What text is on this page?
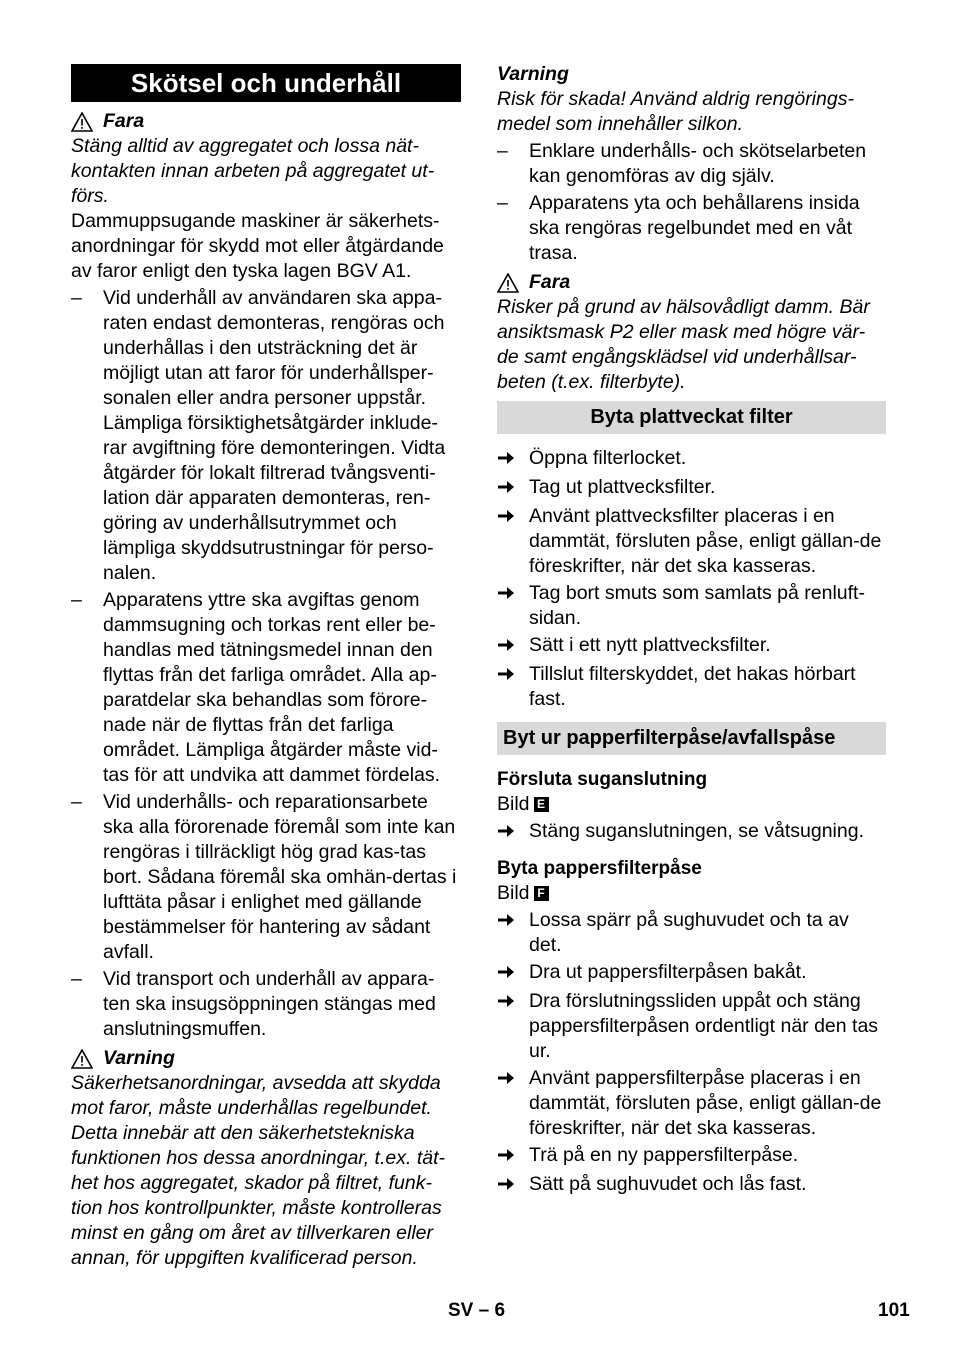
Skötsel och underhåll
Fara

Stäng alltid av aggregatet och lossa nät-kontakten innan arbeten på aggregatet ut-förs.

Dammuppsugande maskiner är säkerhets-anordningar för skydd mot eller åtgärdande av faror enligt den tyska lagen BGV A1.

–	Vid underhåll av användaren ska appa-raten endast demonteras, rengöras och underhållas i den utsträckning det är möjligt utan att faror för underhållsper-sonalen eller andra personer uppstår. Lämpliga försiktighetsåtgärder inklude-rar avgiftning före demonteringen. Vidta åtgärder för lokalt filtrerad tvångsventi-lation där apparaten demonteras, ren-göring av underhållsutrymmet och lämpliga skyddsutrustningar för perso-nalen.
–	Apparatens yttre ska avgiftas genom dammsugning och torkas rent eller be-handlas med tätningsmedel innan den flyttas från det farliga området. Alla ap-paratdelar ska behandlas som förore-nade när de flyttas från det farliga området. Lämpliga åtgärder måste vid-tas för att undvika att dammet fördelas.
–	Vid underhålls- och reparationsarbete ska alla förorenade föremål som inte kan rengöras i tillräckligt hög grad kas-tas bort. Sådana föremål ska omhän-dertas i lufttäta påsar i enlighet med gällande bestämmelser för hantering av sådant avfall.
–	Vid transport och underhåll av appara-ten ska insugsöppningen stängas med anslutningsmuffen.
Varning

Säkerhetsanordningar, avsedda att skydda mot faror, måste underhållas regelbundet. Detta innebär att den säkerhetstekniska funktionen hos dessa anordningar, t.ex. tät-het hos aggregatet, skador på filtret, funk-tion hos kontrollpunkter, måste kontrolleras minst en gång om året av tillverkaren eller annan, för uppgiften kvalificerad person.

Varning

Risk för skada! Använd aldrig rengörings-medel som innehåller silkon.

–	Enklare underhålls- och skötselarbeten kan genomföras av dig själv.
–	Apparatens yta och behållarens insida ska rengöras regelbundet med en våt trasa.
Fara

Risker på grund av hälsovådligt damm. Bär ansiktsmask P2 eller mask med högre vär-de samt engångsklädsel vid underhållsar-beten (t.ex. filterbyte).

Byta plattveckat filter
Öppna filterlocket.
Tag ut plattvecksfilter.
Använt plattvecksfilter placeras i en dammtät, försluten påse, enligt gällan-de föreskrifter, när det ska kasseras.
Tag bort smuts som samlats på renluft-sidan.
Sätt i ett nytt plattvecksfilter.
Tillslut filterskyddet, det hakas hörbart fast.
Byt ur papperfilterpåse/avfallspåse
Försluta suganslutning

Bild E

Stäng suganslutningen, se våtsugning.
Byta pappersfilterpåse

Bild F

Lossa spärr på sughuvudet och ta av det.
Dra ut pappersfilterpåsen bakåt.
Dra förslutningssliden uppåt och stäng pappersfilterpåsen ordentligt när den tas ur.
Använt pappersfilterpåse placeras i en dammtät, försluten påse, enligt gällan-de föreskrifter, när det ska kasseras.
Trä på en ny pappersfilterpåse.
Sätt på sughuvudet och lås fast.
SV – 6	101
